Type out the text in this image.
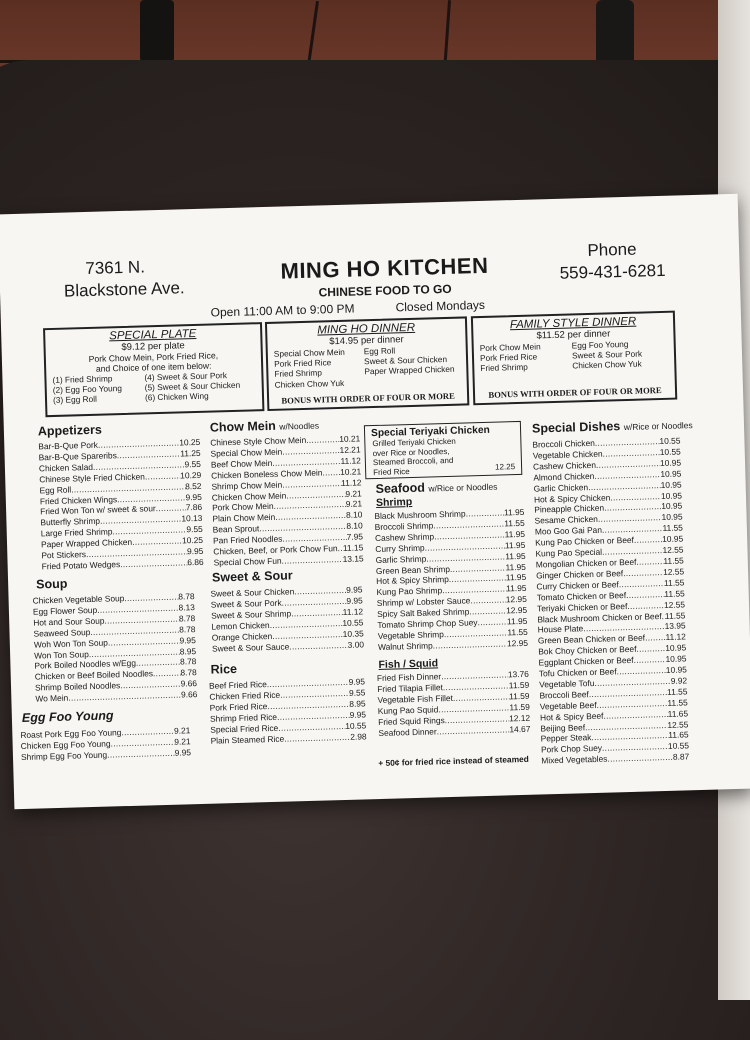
7361 N.
Blackstone Ave.
MING HO KITCHEN
CHINESE FOOD TO GO
Open 11:00 AM to 9:00 PM	Closed Mondays
Phone
559-431-6281
SPECIAL PLATE
$9.12 per plate
Pork Chow Mein, Pork Fried Rice,
and Choice of one item below:
(1) Fried Shrimp
(2) Egg Foo Young
(3) Egg Roll
(4) Sweet & Sour Pork
(5) Sweet & Sour Chicken
(6) Chicken Wing
MING HO DINNER
$14.95 per dinner
Special Chow Mein
Pork Fried Rice
Fried Shrimp
Chicken Chow Yuk
Egg Roll
Sweet & Sour Chicken
Paper Wrapped Chicken
BONUS WITH ORDER OF FOUR OR MORE
FAMILY STYLE DINNER
$11.52 per dinner
Pork Chow Mein
Pork Fried Rice
Fried Shrimp
Egg Foo Young
Sweet & Sour Pork
Chicken Chow Yuk
BONUS WITH ORDER OF FOUR OR MORE
Appetizers
Bar-B-Que Pork .....	10.25
Bar-B-Que Spareribs .....	11.25
Chicken Salad .....	9.55
Chinese Style Fried Chicken .....	10.29
Egg Roll .....	8.52
Fried Chicken Wings .....	9.95
Fried Won Ton w/ sweet & sour .....	7.86
Butterfly Shrimp .....	10.13
Large Fried Shrimp .....	9.55
Paper Wrapped Chicken .....	10.25
Pot Stickers .....	9.95
Fried Potato Wedges .....	6.86
Soup
Chicken Vegetable Soup .....	8.78
Egg Flower Soup .....	8.13
Hot and Sour Soup .....	8.78
Seaweed Soup .....	8.78
Woh Won Ton Soup .....	9.95
Won Ton Soup .....	8.95
Pork Boiled Noodles w/Egg .....	8.78
Chicken or Beef Boiled Noodles .....	8.78
Shrimp Boiled Noodles .....	9.66
Wo Mein .....	9.66
Egg Foo Young
Roast Pork Egg Foo Young .....	9.21
Chicken Egg Foo Young .....	9.21
Shrimp Egg Foo Young .....	9.95
Chow Mein w/Noodles
Chinese Style Chow Mein .....	10.21
Special Chow Mein .....	12.21
Beef Chow Mein .....	11.12
Chicken Boneless Chow Mein ..... 10.21
Shrimp Chow Mein .....	11.12
Chicken Chow Mein .....	9.21
Pork Chow Mein .....	9.21
Plain Chow Mein .....	8.10
Bean Sprout .....	8.10
Pan Fried Noodles .....	7.95
Chicken, Beef, or Pork Chow Fun ..... 11.15
Special Chow Fun .....	13.15
Sweet & Sour
Sweet & Sour Chicken .....	9.95
Sweet & Sour Pork .....	9.95
Sweet & Sour Shrimp .....	11.12
Lemon Chicken .....	10.55
Orange Chicken .....	10.35
Sweet & Sour Sauce .....	3.00
Rice
Beef Fried Rice .....	9.95
Chicken Fried Rice .....	9.55
Pork Fried Rice .....	8.95
Shrimp Fried Rice .....	9.95
Special Fried Rice .....	10.55
Plain Steamed Rice .....	2.98
Special Teriyaki Chicken
Grilled Teriyaki Chicken
over Rice or Noodles,
Steamed Broccoli, and
Fried Rice	12.25
Seafood w/Rice or Noodles
Shrimp
Black Mushroom Shrimp .....	11.95
Broccoli Shrimp .....	11.55
Cashew Shrimp .....	11.95
Curry Shrimp .....	11.95
Garlic Shrimp .....	11.95
Green Bean Shrimp .....	11.95
Hot & Spicy Shrimp .....	11.95
Kung Pao Shrimp .....	11.95
Shrimp w/ Lobster Sauce .....	12.95
Spicy Salt Baked Shrimp .....	12.95
Tomato Shrimp Chop Suey .....	11.95
Vegetable Shrimp .....	11.55
Walnut Shrimp .....	12.95
Fish / Squid
Fried Fish Dinner .....	13.76
Fried Tilapia Fillet .....	11.59
Vegetable Fish Fillet .....	11.59
Kung Pao Squid .....	11.59
Fried Squid Rings .....	12.12
Seafood Dinner .....	14.67
+ 50¢ for fried rice instead of steamed
Special Dishes w/Rice or Noodles
Broccoli Chicken .....	10.55
Vegetable Chicken .....	10.55
Cashew Chicken .....	10.95
Almond Chicken .....	10.95
Garlic Chicken .....	10.95
Hot & Spicy Chicken .....	10.95
Pineapple Chicken .....	10.95
Sesame Chicken .....	10.95
Moo Goo Gai Pan .....	11.55
Kung Pao Chicken or Beef .....	10.95
Kung Pao Special .....	12.55
Mongolian Chicken or Beef .....	11.55
Ginger Chicken or Beef .....	12.55
Curry Chicken or Beef .....	11.55
Tomato Chicken or Beef .....	11.55
Teriyaki Chicken or Beef .....	12.55
Black Mushroom Chicken or Beef ..... 11.55
House Plate .....	13.95
Green Bean Chicken or Beef ..... 11.12
Bok Choy Chicken or Beef .....	10.95
Eggplant Chicken or Beef .....	10.95
Tofu Chicken or Beef .....	10.95
Vegetable Tofu .....	9.92
Broccoli Beef .....	11.55
Vegetable Beef .....	11.55
Hot & Spicy Beef .....	11.65
Beijing Beef .....	12.55
Pepper Steak .....	11.65
Pork Chop Suey .....	10.55
Mixed Vegetables .....	8.87
